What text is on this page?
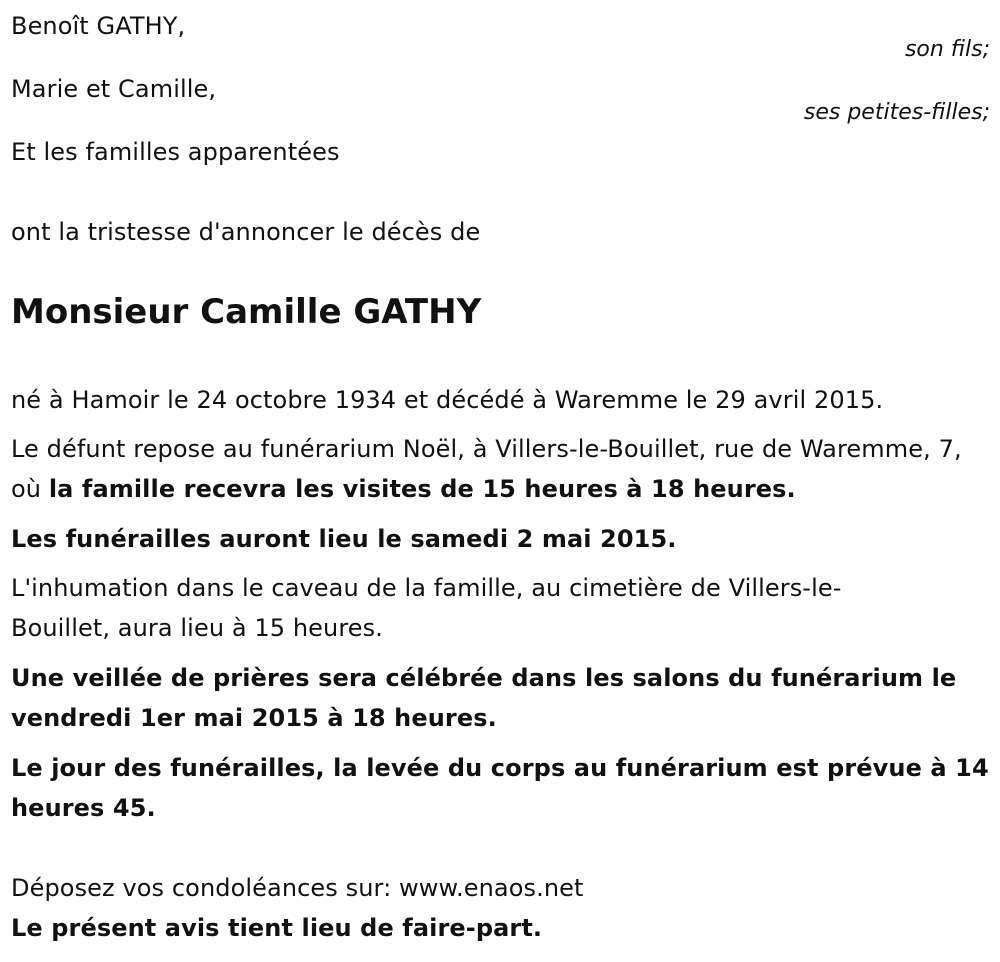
Benoît GATHY,
son fils;
Marie et Camille,
ses petites-filles;
Et les familles apparentées
ont la tristesse d'annoncer le décès de
Monsieur Camille GATHY
né à Hamoir le 24 octobre 1934 et décédé à Waremme le 29 avril 2015.
Le défunt repose au funérarium Noël, à Villers-le-Bouillet, rue de Waremme, 7, où la famille recevra les visites de 15 heures à 18 heures.
Les funérailles auront lieu le samedi 2 mai 2015.
L'inhumation dans le caveau de la famille, au cimetière de Villers-le-Bouillet, aura lieu à 15 heures.
Une veillée de prières sera célébrée dans les salons du funérarium le vendredi 1er mai 2015 à 18 heures.
Le jour des funérailles, la levée du corps au funérarium est prévue à 14 heures 45.
Déposez vos condoléances sur: www.enaos.net
Le présent avis tient lieu de faire-part.
